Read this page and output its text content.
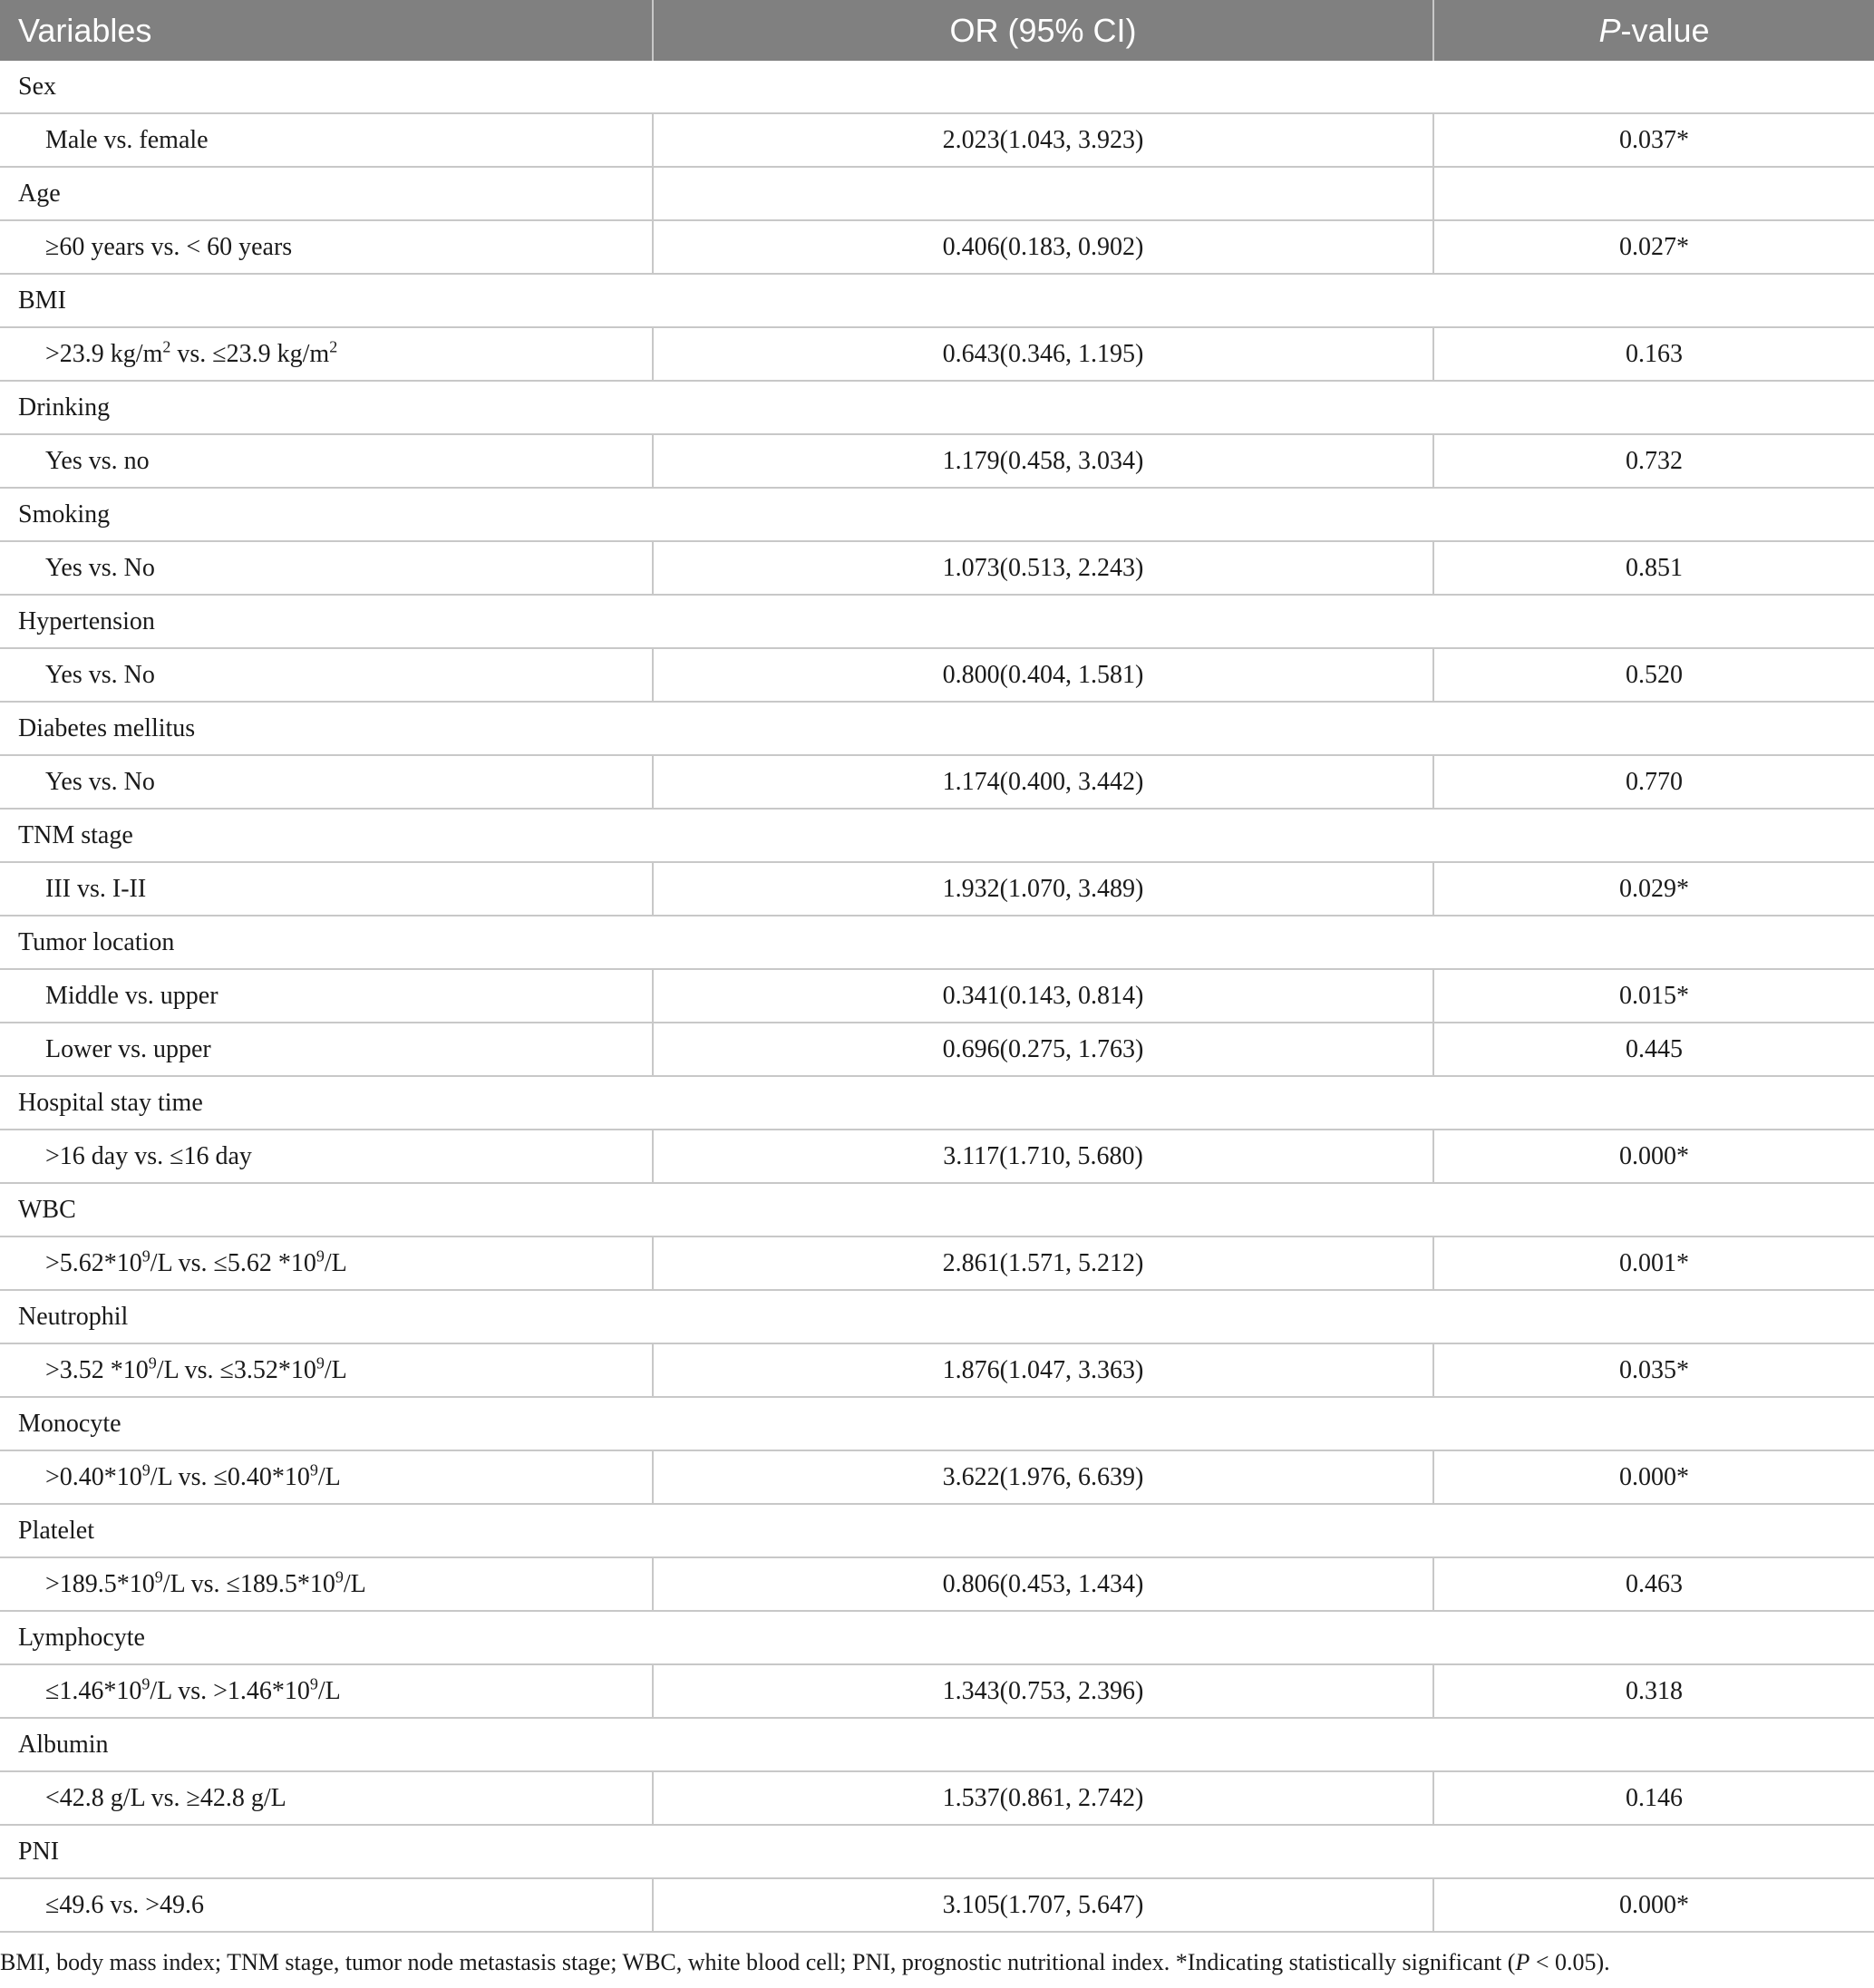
Variables	OR (95% CI)	P-value
Sex		
Male vs. female	2.023(1.043, 3.923)	0.037*
Age		
≥60 years vs. < 60 years	0.406(0.183, 0.902)	0.027*
BMI		
>23.9 $kg/m^2$ vs. ≤23.9 $kg/m^2$	0.643(0.346, 1.195)	0.163
Drinking		
Yes vs. no	1.179(0.458, 3.034)	0.732
Smoking		
Yes vs. No	1.073(0.513, 2.243)	0.851
Hypertension		
Yes vs. No	0.800(0.404, 1.581)	0.520
Diabetes mellitus		
Yes vs. No	1.174(0.400, 3.442)	0.770
TNM stage		
III vs. I-II	1.932(1.070, 3.489)	0.029*
Tumor location		
Middle vs. upper	0.341(0.143, 0.814)	0.015*
Lower vs. upper	0.696(0.275, 1.763)	0.445
Hospital stay time		
>16 day vs. ≤16 day	3.117(1.710, 5.680)	0.000*
WBC		
$>5.62*10^9/L$ vs. ≤5.62 $*10^9/L$	2.861(1.571, 5.212)	0.001*
Neutrophil		
>3.52 $*10^9/L$ vs. $\le 3.52*10^9/L$	1.876(1.047, 3.363)	0.035*
Monocyte		
$>0.40*10^9/L$ vs. $\le 0.40*10^9/L$	3.622(1.976, 6.639)	0.000*
Platelet		
$>189.5*10^9/L$ vs. $\le 189.5*10^9/L$	0.806(0.453, 1.434)	0.463
Lymphocyte		
$\le 1.46*10^9/L$ vs. $>1.46*10^9/L$	1.343(0.753, 2.396)	0.318
Albumin		
<42.8 g/L vs. ≥42.8 g/L	1.537(0.861, 2.742)	0.146
PNI		
≤49.6 vs. >49.6	3.105(1.707, 5.647)	0.000*
BMI, body mass index; TNM stage, tumor node metastasis stage; WBC, white blood cell; PNI, prognostic nutritional index. *Indicating statistically significant (P < 0.05).
